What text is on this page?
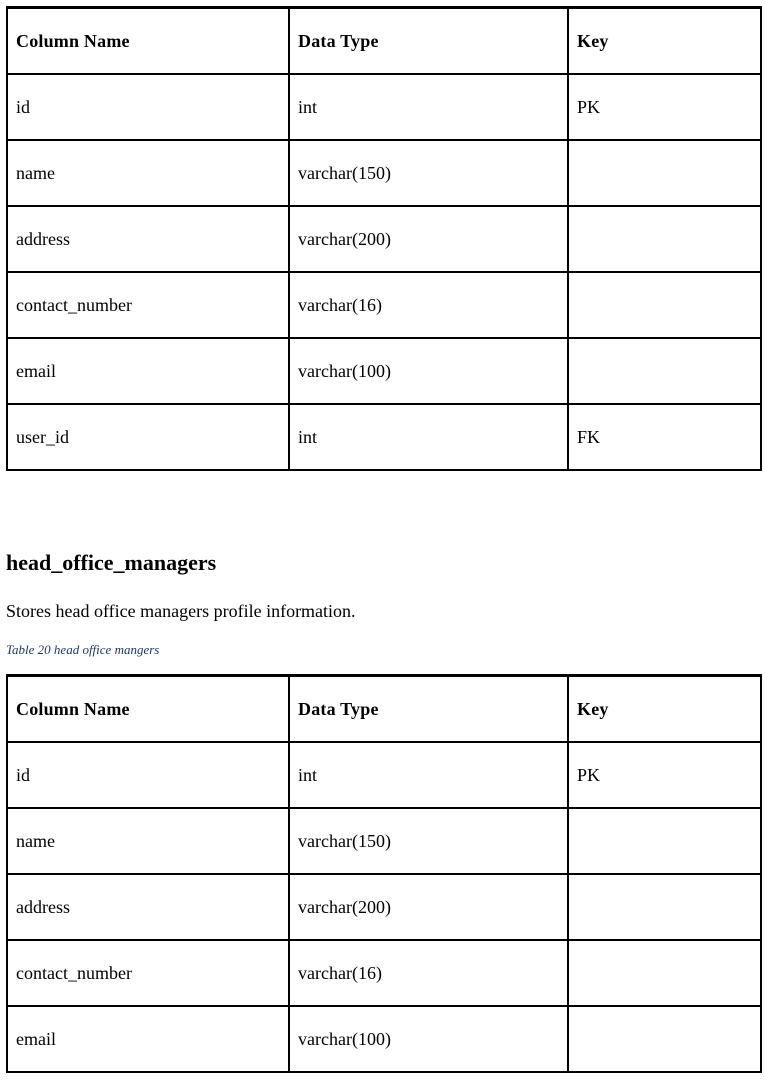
Column Name	Data Type	Key
id	int	PK
name	varchar(150)	
address	varchar(200)	
contact_number	varchar(16)	
email	varchar(100)	
user_id	int	FK
head_office_managers

Stores head office managers profile information.

Table 20 head office mangers

Column Name	Data Type	Key
id	int	PK
name	varchar(150)	
address	varchar(200)	
contact_number	varchar(16)	
email	varchar(100)	
